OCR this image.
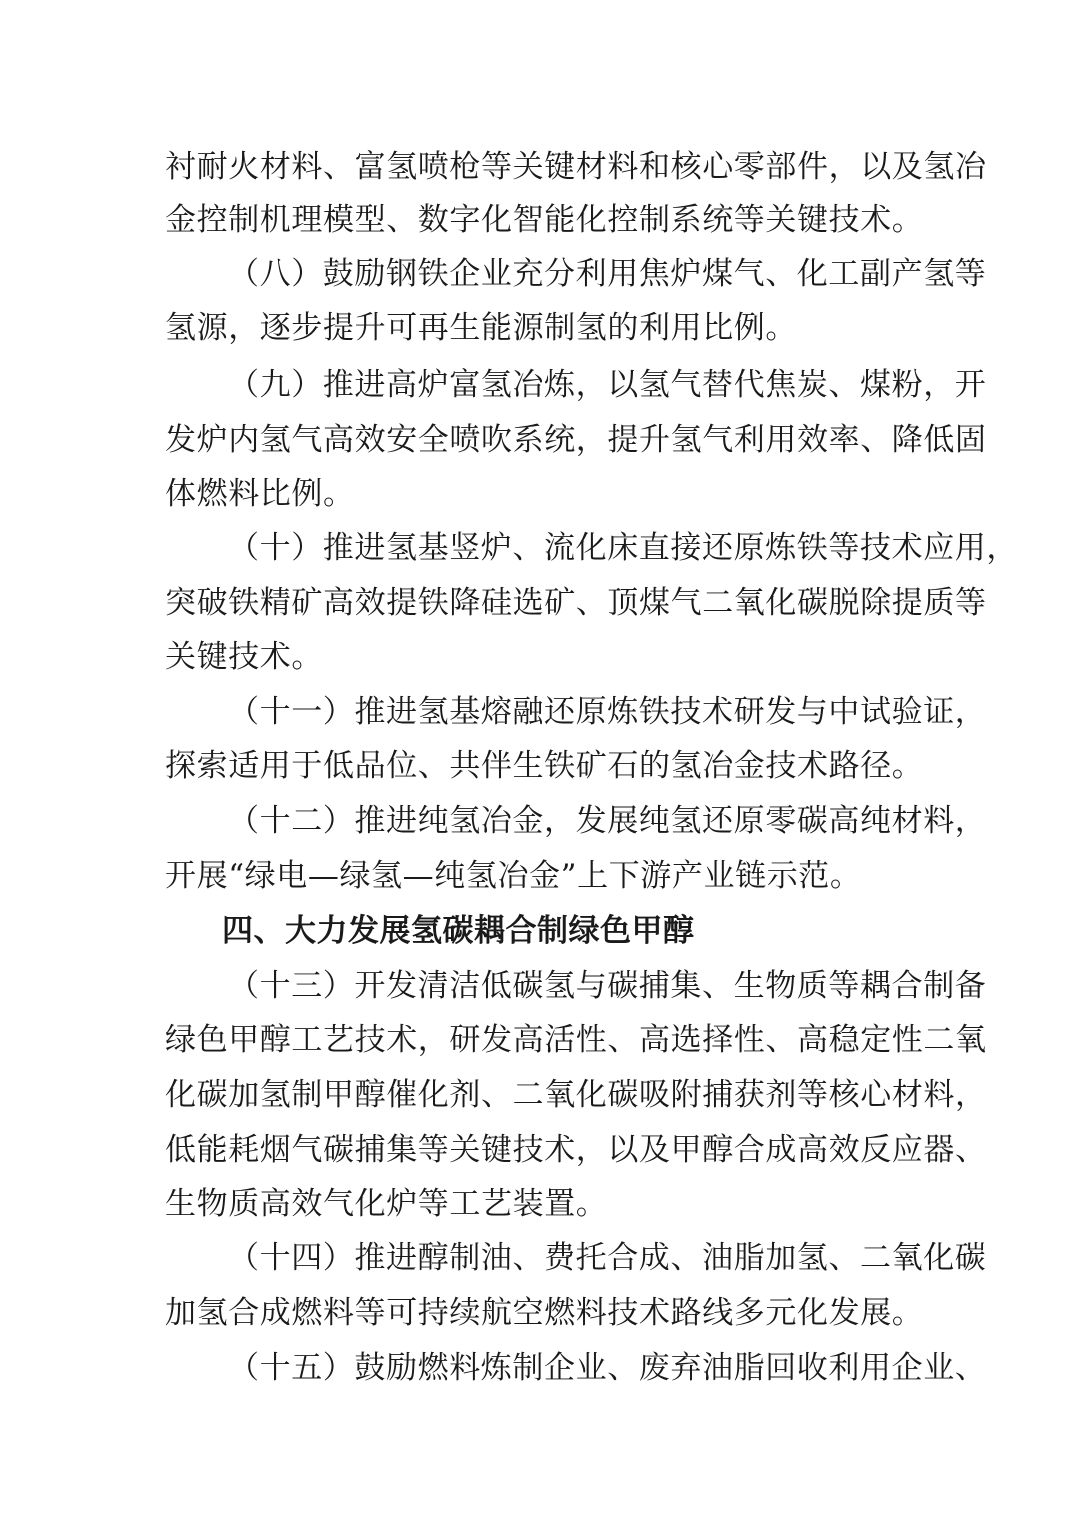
衬耐火材料、富氢喷枪等关键材料和核心零部件，以及氢冶
金控制机理模型、数字化智能化控制系统等关键技术。
（八）鼓励钢铁企业充分利用焦炉煤气、化工副产氢等
氢源，逐步提升可再生能源制氢的利用比例。
（九）推进高炉富氢冶炼，以氢气替代焦炭、煤粉，开
发炉内氢气高效安全喷吹系统，提升氢气利用效率、降低固
体燃料比例。
（十）推进氢基竖炉、流化床直接还原炼铁等技术应用，
突破铁精矿高效提铁降硅选矿、顶煤气二氧化碳脱除提质等
关键技术。
（十一）推进氢基熔融还原炼铁技术研发与中试验证，
探索适用于低品位、共伴生铁矿石的氢冶金技术路径。
（十二）推进纯氢冶金，发展纯氢还原零碳高纯材料，
开展“绿电—绿氢—纯氢冶金”上下游产业链示范。
四、大力发展氢碳耦合制绿色甲醇
（十三）开发清洁低碳氢与碳捕集、生物质等耦合制备
绿色甲醇工艺技术，研发高活性、高选择性、高稳定性二氧
化碳加氢制甲醇催化剂、二氧化碳吸附捕获剂等核心材料，
低能耗烟气碳捕集等关键技术，以及甲醇合成高效反应器、
生物质高效气化炉等工艺装置。
（十四）推进醇制油、费托合成、油脂加氢、二氧化碳
加氢合成燃料等可持续航空燃料技术路线多元化发展。
（十五）鼓励燃料炼制企业、废弃油脂回收利用企业、
